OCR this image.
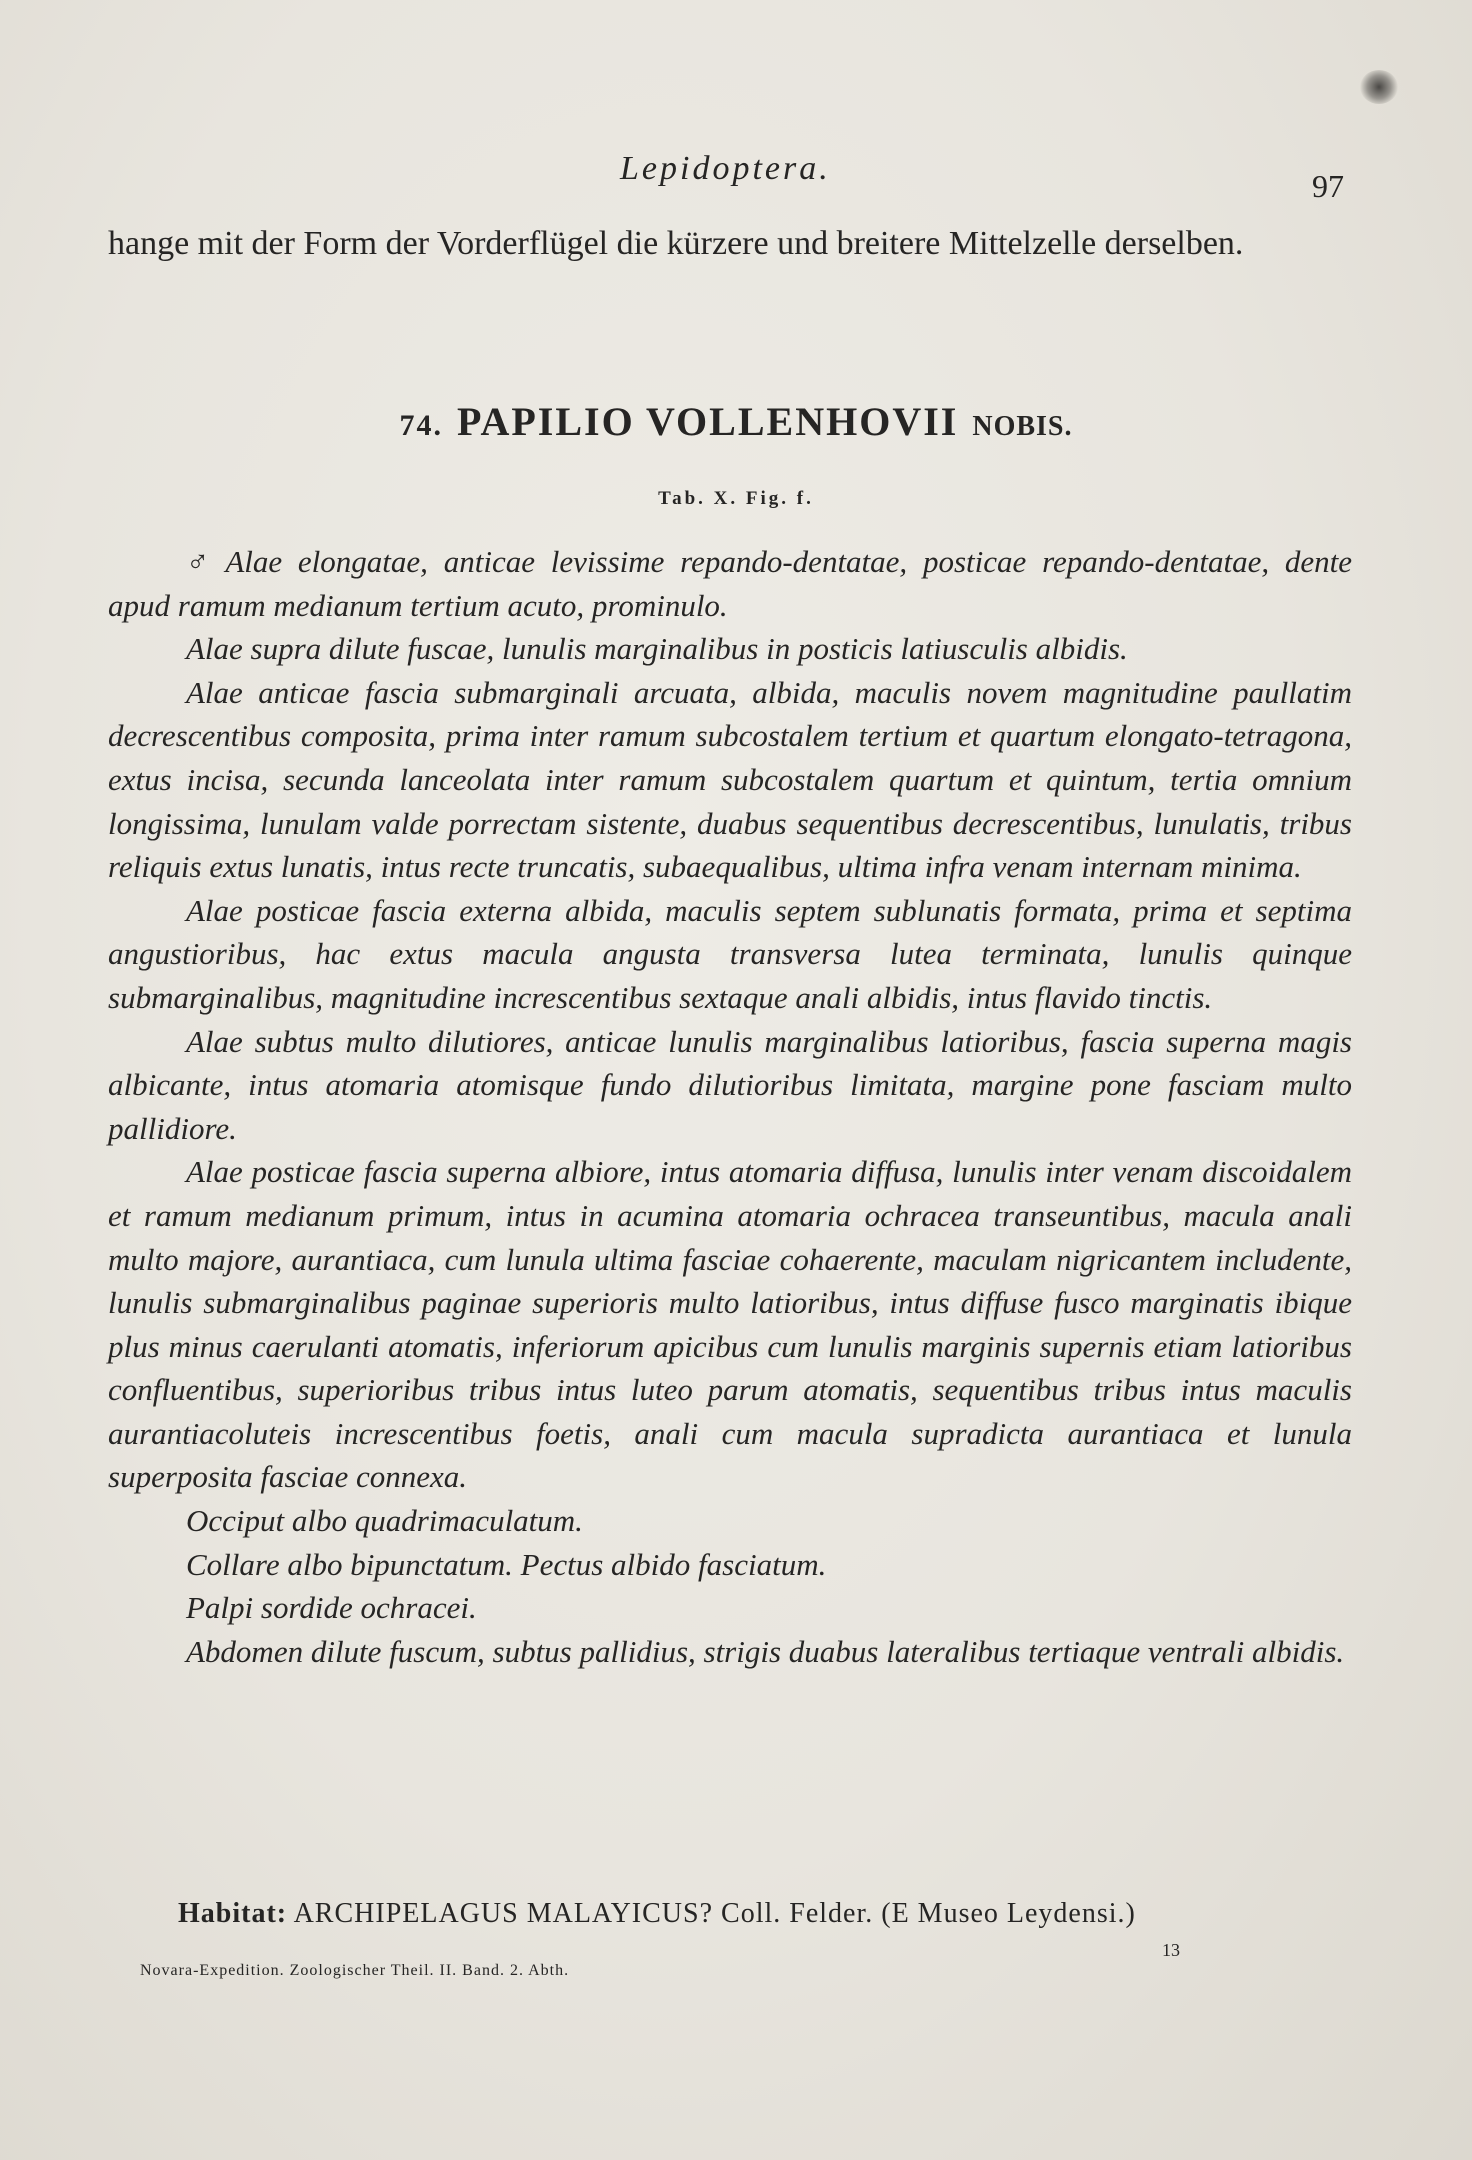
Lepidoptera.	97
hange mit der Form der Vorderflügel die kürzere und breitere Mittelzelle derselben.
74. PAPILIO VOLLENHOVII NOBIS.
Tab. X. Fig. f.

♂ Alae elongatae, anticae levissime repando-dentatae, posticae repando-dentatae, dente apud ramum medianum tertium acuto, prominulo.

Alae supra dilute fuscae, lunulis marginalibus in posticis latiusculis albidis.

Alae anticae fascia submarginali arcuata, albida, maculis novem magnitudine paullatim decrescentibus composita, prima inter ramum subcostalem tertium et quartum elongato-tetragona, extus incisa, secunda lanceolata inter ramum subcostalem quartum et quintum, tertia omnium longissima, lunulam valde porrectam sistente, duabus sequentibus decrescentibus, lunulatis, tribus reliquis extus lunatis, intus recte truncatis, subaequalibus, ultima infra venam internam minima.

Alae posticae fascia externa albida, maculis septem sublunatis formata, prima et septima angustioribus, hac extus macula angusta transversa lutea terminata, lunulis quinque submarginalibus, magnitudine increscentibus sextaque anali albidis, intus flavido tinctis.

Alae subtus multo dilutiores, anticae lunulis marginalibus latioribus, fascia superna magis albicante, intus atomaria atomisque fundo dilutioribus limitata, margine pone fasciam multo pallidiore.

Alae posticae fascia superna albiore, intus atomaria diffusa, lunulis inter venam discoidalem et ramum medianum primum, intus in acumina atomaria ochracea transeuntibus, macula anali multo majore, aurantiaca, cum lunula ultima fasciae cohaerente, maculam nigricantem includente, lunulis submarginalibus paginae superioris multo latioribus, intus diffuse fusco marginatis ibique plus minus caerulanti atomatis, inferiorum apicibus cum lunulis marginis supernis etiam latioribus confluentibus, superioribus tribus intus luteo parum atomatis, sequentibus tribus intus maculis aurantiacoluteis increscentibus foetis, anali cum macula supradicta aurantiaca et lunula superposita fasciae connexa.

Occiput albo quadrimaculatum.

Collare albo bipunctatum. Pectus albido fasciatum.

Palpi sordide ochracei.

Abdomen dilute fuscum, subtus pallidius, strigis duabus lateralibus tertiaque ventrali albidis.

Habitat: ARCHIPELAGUS MALAYICUS? Coll. Felder. (E Museo Leydensi.)
Novara-Expedition. Zoologischer Theil. II. Band. 2. Abth.
13
